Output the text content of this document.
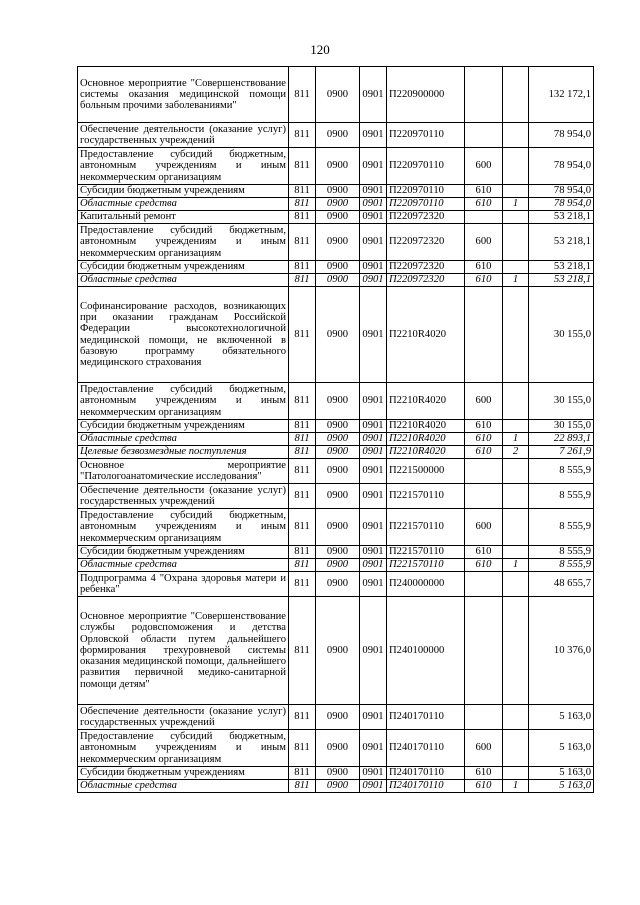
120
Основное мероприятие "Совершенствование системы оказания медицинской помощи больным прочими заболеваниями"	811	0900	0901	П220900000			132 172,1
Обеспечение деятельности (оказание услуг) государственных учреждений	811	0900	0901	П220970110			78 954,0
Предоставление субсидий бюджетным, автономным учреждениям и иным некоммерческим организациям	811	0900	0901	П220970110	600		78 954,0
Субсидии бюджетным учреждениям	811	0900	0901	П220970110	610		78 954,0
Областные средства	811	0900	0901	П220970110	610	1	78 954,0
Капитальный ремонт	811	0900	0901	П220972320			53 218,1
Предоставление субсидий бюджетным, автономным учреждениям и иным некоммерческим организациям	811	0900	0901	П220972320	600		53 218,1
Субсидии бюджетным учреждениям	811	0900	0901	П220972320	610		53 218,1
Областные средства	811	0900	0901	П220972320	610	1	53 218,1
Софинансирование расходов, возникающих при оказании гражданам Российской Федерации высокотехнологичной медицинской помощи, не включенной в базовую программу обязательного медицинского страхования	811	0900	0901	П2210R4020			30 155,0
Предоставление субсидий бюджетным, автономным учреждениям и иным некоммерческим организациям	811	0900	0901	П2210R4020	600		30 155,0
Субсидии бюджетным учреждениям	811	0900	0901	П2210R4020	610		30 155,0
Областные средства	811	0900	0901	П2210R4020	610	1	22 893,1
Целевые безвозмездные поступления	811	0900	0901	П2210R4020	610	2	7 261,9
Основное мероприятие "Патологоанатомические исследования"	811	0900	0901	П221500000			8 555,9
Обеспечение деятельности (оказание услуг) государственных учреждений	811	0900	0901	П221570110			8 555,9
Предоставление субсидий бюджетным, автономным учреждениям и иным некоммерческим организациям	811	0900	0901	П221570110	600		8 555,9
Субсидии бюджетным учреждениям	811	0900	0901	П221570110	610		8 555,9
Областные средства	811	0900	0901	П221570110	610	1	8 555,9
Подпрограмма 4 "Охрана здоровья матери и ребенка"	811	0900	0901	П240000000			48 655,7
Основное мероприятие "Совершенствование службы родовспоможения и детства Орловской области путем дальнейшего формирования трехуровневой системы оказания медицинской помощи, дальнейшего развития первичной медико-санитарной помощи детям"	811	0900	0901	П240100000			10 376,0
Обеспечение деятельности (оказание услуг) государственных учреждений	811	0900	0901	П240170110			5 163,0
Предоставление субсидий бюджетным, автономным учреждениям и иным некоммерческим организациям	811	0900	0901	П240170110	600		5 163,0
Субсидии бюджетным учреждениям	811	0900	0901	П240170110	610		5 163,0
Областные средства	811	0900	0901	П240170110	610	1	5 163,0
